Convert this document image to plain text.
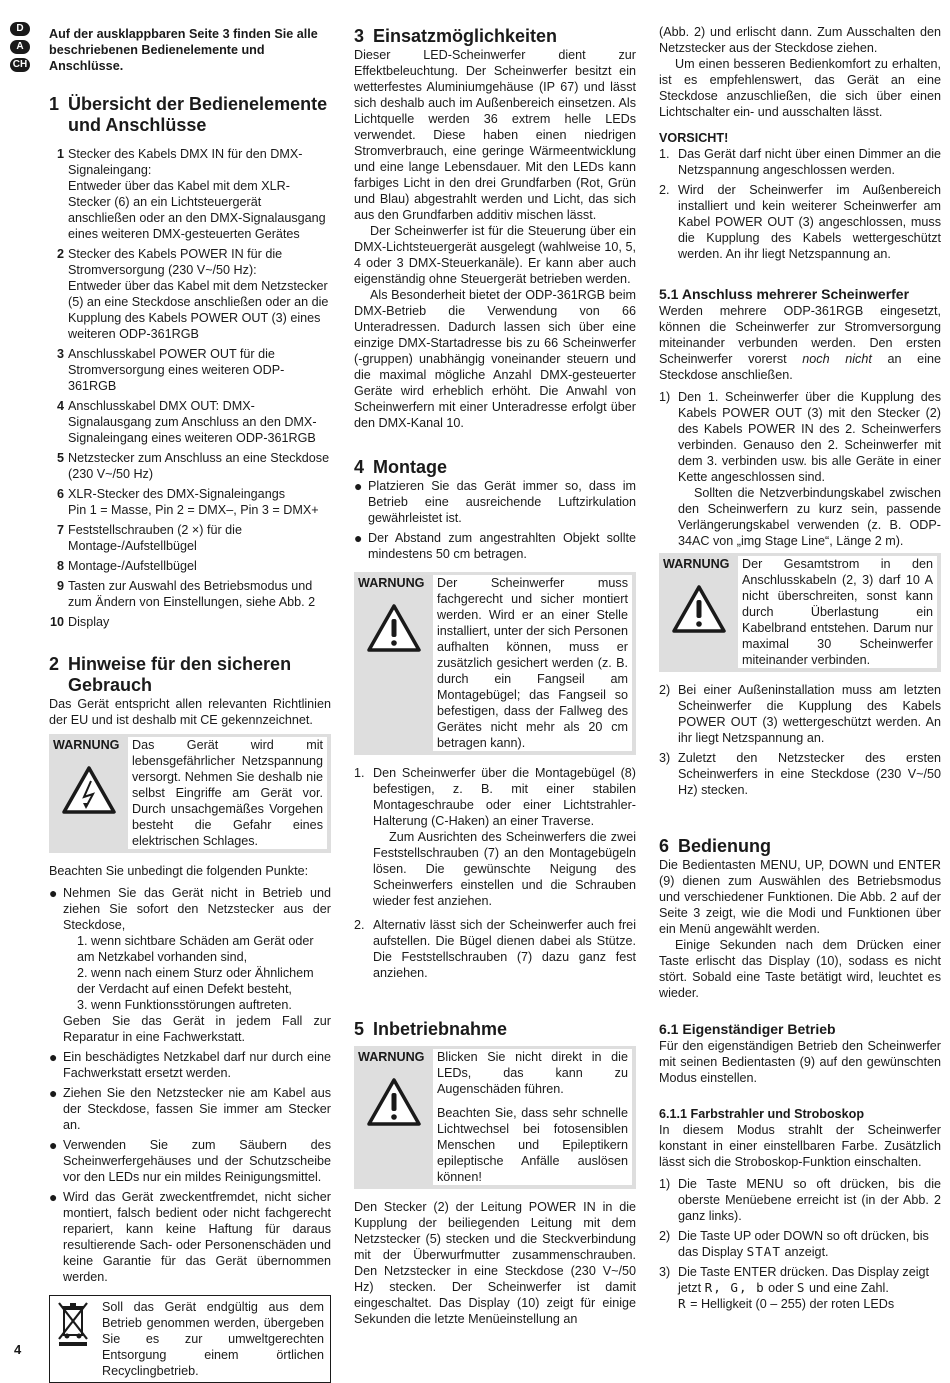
D
A
CH

Auf der ausklappbaren Seite 3 finden Sie alle beschriebenen Bedienelemente und Anschlüsse.

1 Übersicht der Bedienelemente und Anschlüsse
1 Stecker des Kabels DMX IN für den DMX-Signaleingang:
Entweder über das Kabel mit dem XLR-Stecker (6) an ein Lichtsteuergerät anschließen oder an den DMX-Signalausgang eines weiteren DMX-gesteuerten Gerätes
2 Stecker des Kabels POWER IN für die Stromversorgung (230 V~/50 Hz):
Entweder über das Kabel mit dem Netzstecker (5) an eine Steckdose anschließen oder an die Kupplung des Kabels POWER OUT (3) eines weiteren ODP-361RGB
3 Anschlusskabel POWER OUT für die Stromversorgung eines weiteren ODP-361RGB
4 Anschlusskabel DMX OUT: DMX-Signalausgang zum Anschluss an den DMX-Signaleingang eines weiteren ODP-361RGB
5 Netzstecker zum Anschluss an eine Steckdose (230 V~/50 Hz)
6 XLR-Stecker des DMX-Signaleingangs
Pin 1 = Masse, Pin 2 = DMX–, Pin 3 = DMX+
7 Feststellschrauben (2 ×) für die Montage-/Aufstellbügel
8 Montage-/Aufstellbügel
9 Tasten zur Auswahl des Betriebsmodus und zum Ändern von Einstellungen, siehe Abb. 2
10 Display
2 Hinweise für den sicheren Gebrauch

Das Gerät entspricht allen relevanten Richtlinien der EU und ist deshalb mit CE gekennzeichnet.

WARNUNG Das Gerät wird mit lebensgefährlicher Netzspannung versorgt. Nehmen Sie deshalb nie selbst Eingriffe am Gerät vor. Durch unsachgemäßes Vorgehen besteht die Gefahr eines elektrischen Schlages.

Beachten Sie unbedingt die folgenden Punkte:

● Nehmen Sie das Gerät nicht in Betrieb und ziehen Sie sofort den Netzstecker aus der Steckdose,

1. wenn sichtbare Schäden am Gerät oder am Netzkabel vorhanden sind,

2. wenn nach einem Sturz oder Ähnlichem der Verdacht auf einen Defekt besteht,

3. wenn Funktionsstörungen auftreten.

Geben Sie das Gerät in jedem Fall zur Reparatur in eine Fachwerkstatt.

● Ein beschädigtes Netzkabel darf nur durch eine Fachwerkstatt ersetzt werden.

● Ziehen Sie den Netzstecker nie am Kabel aus der Steckdose, fassen Sie immer am Stecker an.

● Verwenden Sie zum Säubern des Scheinwerfergehäuses und der Schutzscheibe vor den LEDs nur ein mildes Reinigungsmittel.

● Wird das Gerät zweckentfremdet, nicht sicher montiert, falsch bedient oder nicht fachgerecht repariert, kann keine Haftung für daraus resultierende Sach- oder Personenschäden und keine Garantie für das Gerät übernommen werden.

Soll das Gerät endgültig aus dem Betrieb genommen werden, übergeben Sie es zur umweltgerechten Entsorgung einem örtlichen Recyclingbetrieb.

3 Einsatzmöglichkeiten

Dieser LED-Scheinwerfer dient zur Effektbeleuchtung. Der Scheinwerfer besitzt ein wetterfestes Aluminiumgehäuse (IP 67) und lässt sich deshalb auch im Außenbereich einsetzen. Als Lichtquelle werden 36 extrem helle LEDs verwendet. Diese haben einen niedrigen Stromverbrauch, eine geringe Wärmeentwicklung und eine lange Lebensdauer. Mit den LEDs kann farbiges Licht in den drei Grundfarben (Rot, Grün und Blau) abgestrahlt werden und Licht, das sich aus den Grundfarben additiv mischen lässt.

Der Scheinwerfer ist für die Steuerung über ein DMX-Lichtsteuergerät ausgelegt (wahlweise 10, 5, 4 oder 3 DMX-Steuerkanäle). Er kann aber auch eigenständig ohne Steuergerät betrieben werden.

Als Besonderheit bietet der ODP-361RGB beim DMX-Betrieb die Verwendung von 66 Unteradressen. Dadurch lassen sich über eine einzige DMX-Startadresse bis zu 66 Scheinwerfer (-gruppen) unabhängig voneinander steuern und die maximal mögliche Anzahl DMX-gesteuerter Geräte wird erheblich erhöht. Die Anwahl von Scheinwerfern mit einer Unteradresse erfolgt über den DMX-Kanal 10.

4 Montage
● Platzieren Sie das Gerät immer so, dass im Betrieb eine ausreichende Luftzirkulation gewährleistet ist.

● Der Abstand zum angestrahlten Objekt sollte mindestens 50 cm betragen.

WARNUNG Der Scheinwerfer muss fachgerecht und sicher montiert werden. Wird er an einer Stelle installiert, unter der sich Personen aufhalten können, muss er zusätzlich gesichert werden (z. B. durch ein Fangseil am Montagebügel; das Fangseil so befestigen, dass der Fallweg des Gerätes nicht mehr als 20 cm betragen kann).
1. Den Scheinwerfer über die Montagebügel (8) befestigen, z. B. mit einer stabilen Montageschraube oder einer Lichtstrahler-Halterung (C-Haken) an einer Traverse.

Zum Ausrichten des Scheinwerfers die zwei Feststellschrauben (7) an den Montagebügeln lösen. Die gewünschte Neigung des Scheinwerfers einstellen und die Schrauben wieder fest anziehen.

2. Alternativ lässt sich der Scheinwerfer auch frei aufstellen. Die Bügel dienen dabei als Stütze. Die Feststellschrauben (7) dazu ganz fest anziehen.

5 Inbetriebnahme
WARNUNG Blicken Sie nicht direkt in die LEDs, das kann zu Augenschäden führen.

Beachten Sie, dass sehr schnelle Lichtwechsel bei fotosensiblen Menschen und Epileptikern epileptische Anfälle auslösen können!

Den Stecker (2) der Leitung POWER IN in die Kupplung der beiliegenden Leitung mit dem Netzstecker (5) stecken und die Steckverbindung mit der Überwurfmutter zusammenschrauben. Den Netzstecker in eine Steckdose (230 V~/50 Hz) stecken. Der Scheinwerfer ist damit eingeschaltet. Das Display (10) zeigt für einige Sekunden die letzte Menüeinstellung an

(Abb. 2) und erlischt dann. Zum Ausschalten den Netzstecker aus der Steckdose ziehen.

Um einen besseren Bedienkomfort zu erhalten, ist es empfehlenswert, das Gerät an eine Steckdose anzuschließen, die sich über einen Lichtschalter ein- und ausschalten lässt.

VORSICHT!

1. Das Gerät darf nicht über einen Dimmer an die Netzspannung angeschlossen werden.

2. Wird der Scheinwerfer im Außenbereich installiert und kein weiterer Scheinwerfer am Kabel POWER OUT (3) angeschlossen, muss die Kupplung des Kabels wettergeschützt werden. An ihr liegt Netzspannung an.

5.1 Anschluss mehrerer Scheinwerfer

Werden mehrere ODP-361RGB eingesetzt, können die Scheinwerfer zur Stromversorgung miteinander verbunden werden. Den ersten Scheinwerfer vorerst noch nicht an eine Steckdose anschließen.

1) Den 1. Scheinwerfer über die Kupplung des Kabels POWER OUT (3) mit den Stecker (2) des Kabels POWER IN des 2. Scheinwerfers verbinden. Genauso den 2. Scheinwerfer mit dem 3. verbinden usw. bis alle Geräte in einer Kette angeschlossen sind.

Sollten die Netzverbindungskabel zwischen den Scheinwerfern zu kurz sein, passende Verlängerungskabel verwenden (z. B. ODP-34AC von „img Stage Line“, Länge 2 m).

WARNUNG Der Gesamtstrom in den Anschlusskabeln (2, 3) darf 10 A nicht überschreiten, sonst kann durch Überlastung ein Kabelbrand entstehen. Darum nur maximal 30 Scheinwerfer miteinander verbinden.
2) Bei einer Außeninstallation muss am letzten Scheinwerfer die Kupplung des Kabels POWER OUT (3) wettergeschützt werden. An ihr liegt Netzspannung an.

3) Zuletzt den Netzstecker des ersten Scheinwerfers in eine Steckdose (230 V~/50 Hz) stecken.

6 Bedienung

Die Bedientasten MENU, UP, DOWN und ENTER (9) dienen zum Auswählen des Betriebsmodus und verschiedener Funktionen. Die Abb. 2 auf der Seite 3 zeigt, wie die Modi und Funktionen über ein Menü angewählt werden.

Einige Sekunden nach dem Drücken einer Taste erlischt das Display (10), sodass es nicht stört. Sobald eine Taste betätigt wird, leuchtet es wieder.

6.1 Eigenständiger Betrieb

Für den eigenständigen Betrieb den Scheinwerfer mit seinen Bedientasten (9) auf den gewünschten Modus einstellen.

6.1.1 Farbstrahler und Stroboskop

In diesem Modus strahlt der Scheinwerfer konstant in einer einstellbaren Farbe. Zusätzlich lässt sich die Stroboskop-Funktion einschalten.

1) Die Taste MENU so oft drücken, bis die oberste Menüebene erreicht ist (in der Abb. 2 ganz links).

2) Die Taste UP oder DOWN so oft drücken, bis das Display STAT anzeigt.

3) Die Taste ENTER drücken. Das Display zeigt jetzt R, G, b oder S und eine Zahl.

R = Helligkeit (0 – 255) der roten LEDs

4
